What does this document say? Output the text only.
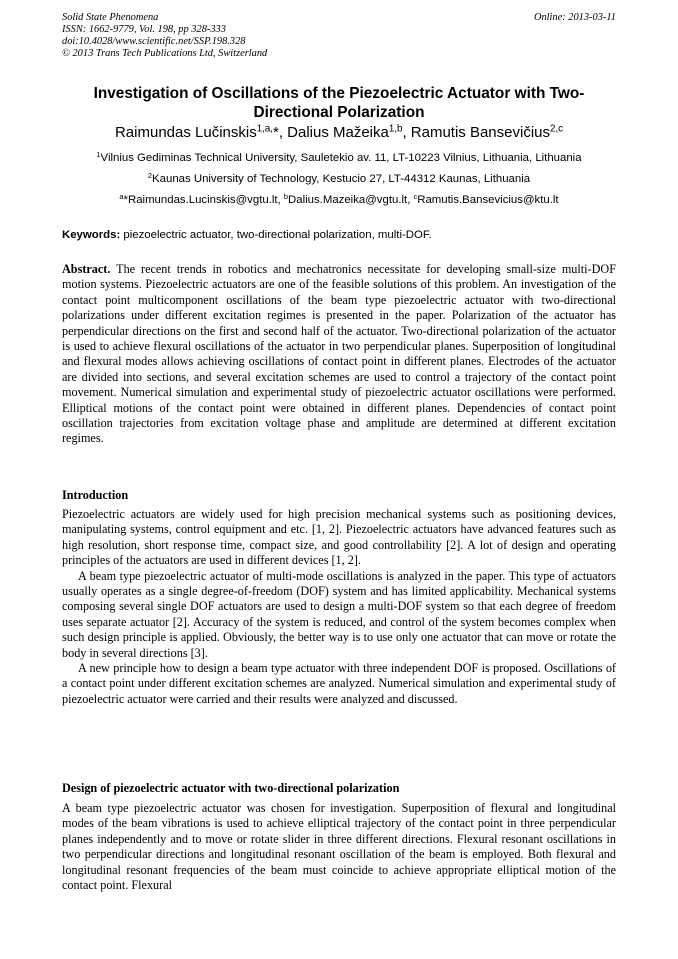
Solid State Phenomena
ISSN: 1662-9779, Vol. 198, pp 328-333
doi:10.4028/www.scientific.net/SSP.198.328
© 2013 Trans Tech Publications Ltd, Switzerland
Online: 2013-03-11
Investigation of Oscillations of the Piezoelectric Actuator with Two-Directional Polarization
Raimundas Lučinskis$^{1,a,}$*, Dalius Mažeika$^{1,b}$, Ramutis Bansevičius$^{2,c}$
$^1$Vilnius Gediminas Technical University, Sauletekio av. 11, LT-10223 Vilnius, Lithuania, Lithuania
$^2$Kaunas University of Technology, Kestucio 27, LT-44312 Kaunas, Lithuania
$^a$*Raimundas.Lucinskis@vgtu.lt, $^b$Dalius.Mazeika@vgtu.lt, $^c$Ramutis.Bansevicius@ktu.lt
Keywords: piezoelectric actuator, two-directional polarization, multi-DOF.
Abstract. The recent trends in robotics and mechatronics necessitate for developing small-size multi-DOF motion systems. Piezoelectric actuators are one of the feasible solutions of this problem. An investigation of the contact point multicomponent oscillations of the beam type piezoelectric actuator with two-directional polarizations under different excitation regimes is presented in the paper. Polarization of the actuator has perpendicular directions on the first and second half of the actuator. Two-directional polarization of the actuator is used to achieve flexural oscillations of the actuator in two perpendicular planes. Superposition of longitudinal and flexural modes allows achieving oscillations of contact point in different planes. Electrodes of the actuator are divided into sections, and several excitation schemes are used to control a trajectory of the contact point movement. Numerical simulation and experimental study of piezoelectric actuator oscillations were performed. Elliptical motions of the contact point were obtained in different planes. Dependencies of contact point oscillation trajectories from excitation voltage phase and amplitude are determined at different excitation regimes.
Introduction
Piezoelectric actuators are widely used for high precision mechanical systems such as positioning devices, manipulating systems, control equipment and etc. [1, 2]. Piezoelectric actuators have advanced features such as high resolution, short response time, compact size, and good controllability [2]. A lot of design and operating principles of the actuators are used in different devices [1, 2].
A beam type piezoelectric actuator of multi-mode oscillations is analyzed in the paper. This type of actuators usually operates as a single degree-of-freedom (DOF) system and has limited applicability. Mechanical systems composing several single DOF actuators are used to design a multi-DOF system so that each degree of freedom uses separate actuator [2]. Accuracy of the system is reduced, and control of the system becomes complex when such design principle is applied. Obviously, the better way is to use only one actuator that can move or rotate the body in several directions [3].
A new principle how to design a beam type actuator with three independent DOF is proposed. Oscillations of a contact point under different excitation schemes are analyzed. Numerical simulation and experimental study of piezoelectric actuator were carried and their results were analyzed and discussed.
Design of piezoelectric actuator with two-directional polarization
A beam type piezoelectric actuator was chosen for investigation. Superposition of flexural and longitudinal modes of the beam vibrations is used to achieve elliptical trajectory of the contact point in three perpendicular planes independently and to move or rotate slider in three different directions. Flexural resonant oscillations in two perpendicular directions and longitudinal resonant oscillation of the beam is employed. Both flexural and longitudinal resonant frequencies of the beam must coincide to achieve appropriate elliptical motion of the contact point. Flexural
